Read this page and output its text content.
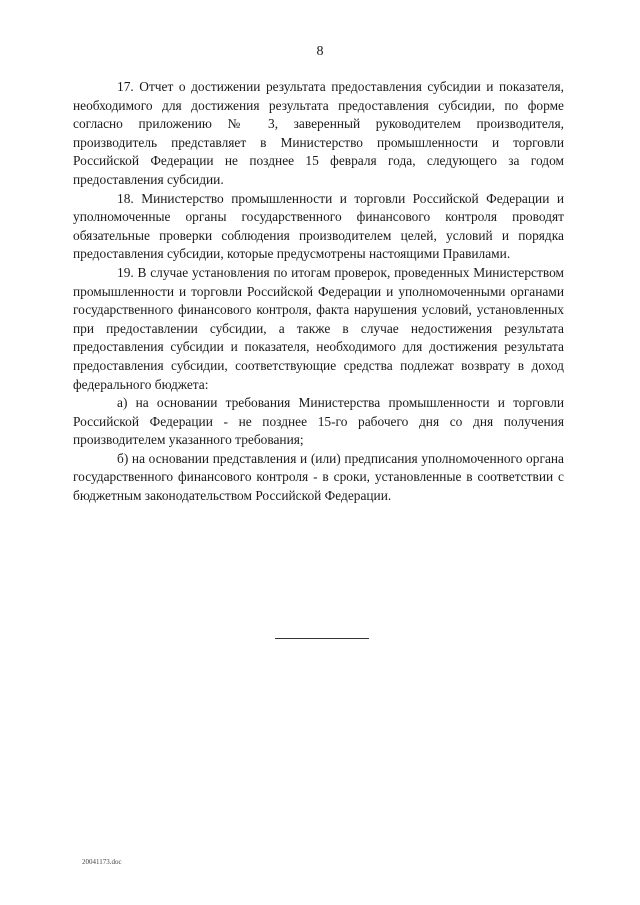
8

17. Отчет о достижении результата предоставления субсидии и показателя, необходимого для достижения результата предоставления субсидии, по форме согласно приложению № 3, заверенный руководителем производителя, производитель представляет в Министерство промышленности и торговли Российской Федерации не позднее 15 февраля года, следующего за годом предоставления субсидии.

18. Министерство промышленности и торговли Российской Федерации и уполномоченные органы государственного финансового контроля проводят обязательные проверки соблюдения производителем целей, условий и порядка предоставления субсидии, которые предусмотрены настоящими Правилами.

19. В случае установления по итогам проверок, проведенных Министерством промышленности и торговли Российской Федерации и уполномоченными органами государственного финансового контроля, факта нарушения условий, установленных при предоставлении субсидии, а также в случае недостижения результата предоставления субсидии и показателя, необходимого для достижения результата предоставления субсидии, соответствующие средства подлежат возврату в доход федерального бюджета:

а) на основании требования Министерства промышленности и торговли Российской Федерации - не позднее 15-го рабочего дня со дня получения производителем указанного требования;

б) на основании представления и (или) предписания уполномоченного органа государственного финансового контроля - в сроки, установленные в соответствии с бюджетным законодательством Российской Федерации.

20041173.doc
